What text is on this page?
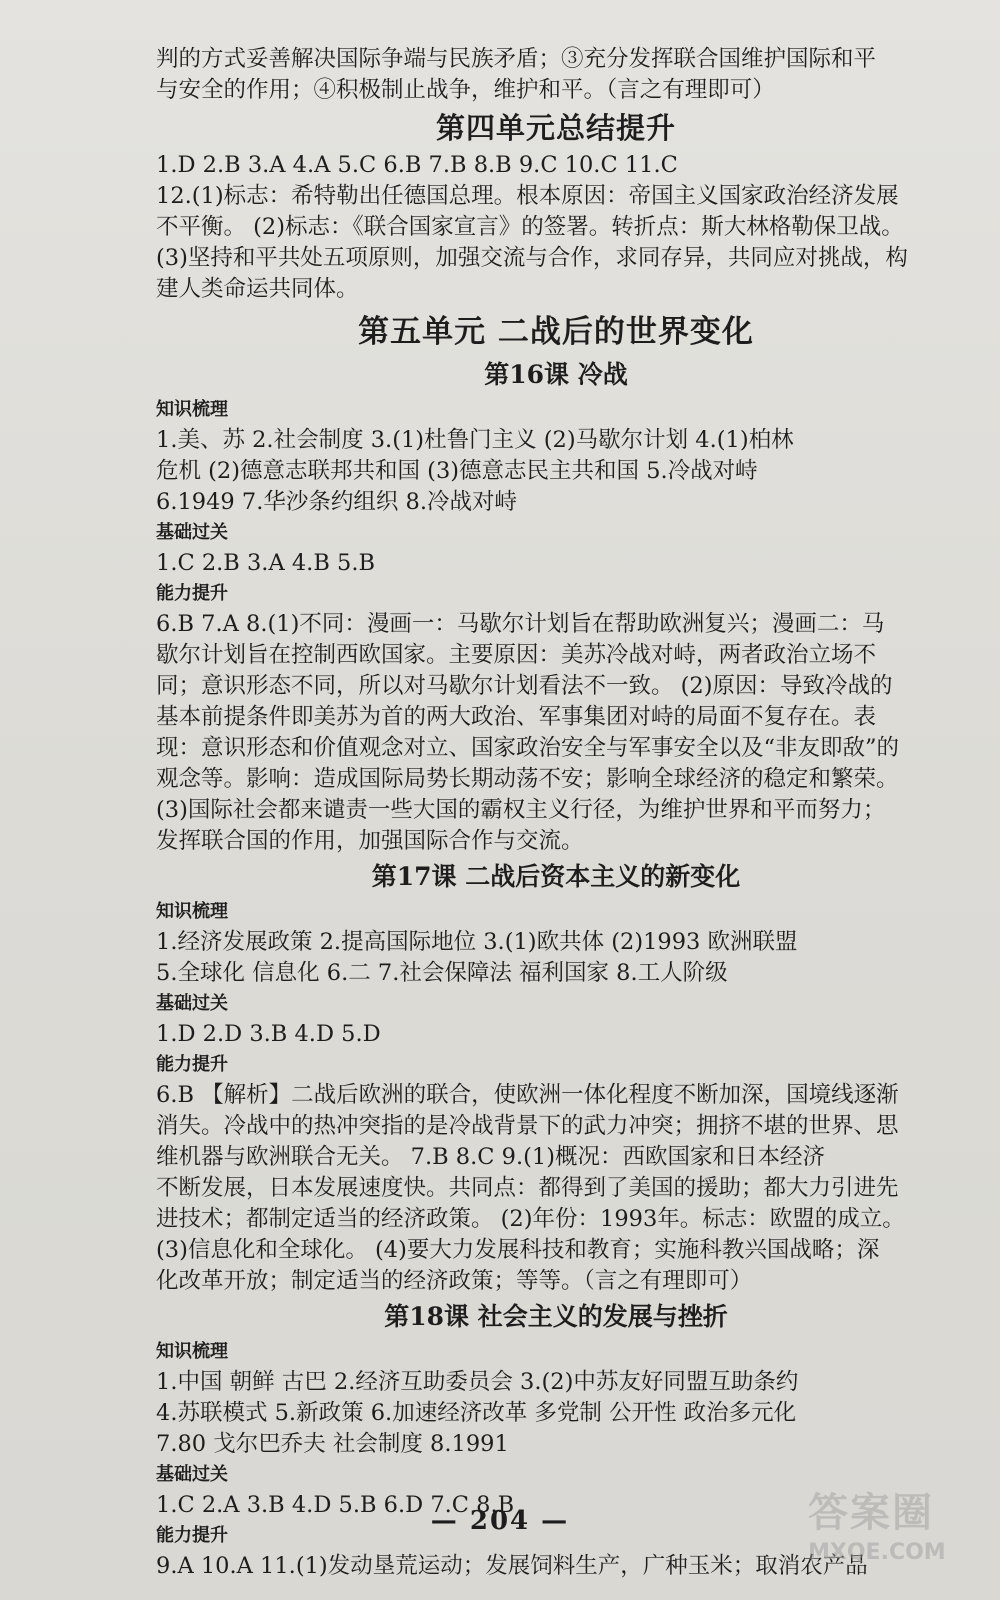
判的方式妥善解决国际争端与民族矛盾；③充分发挥联合国维护国际和平
与安全的作用；④积极制止战争，维护和平。（言之有理即可）
第四单元总结提升
1.D 2.B 3.A 4.A 5.C 6.B 7.B 8.B 9.C 10.C 11.C
12.(1)标志：希特勒出任德国总理。根本原因：帝国主义国家政治经济发展
不平衡。 (2)标志：《联合国家宣言》的签署。转折点：斯大林格勒保卫战。
(3)坚持和平共处五项原则，加强交流与合作，求同存异，共同应对挑战，构
建人类命运共同体。
第五单元 二战后的世界变化
第16课 冷战
知识梳理
1.美、苏 2.社会制度 3.(1)杜鲁门主义 (2)马歇尔计划 4.(1)柏林
危机 (2)德意志联邦共和国 (3)德意志民主共和国 5.冷战对峙
6.1949 7.华沙条约组织 8.冷战对峙
基础过关
1.C 2.B 3.A 4.B 5.B
能力提升
6.B 7.A 8.(1)不同：漫画一：马歇尔计划旨在帮助欧洲复兴；漫画二：马
歇尔计划旨在控制西欧国家。主要原因：美苏冷战对峙，两者政治立场不
同；意识形态不同，所以对马歇尔计划看法不一致。 (2)原因：导致冷战的
基本前提条件即美苏为首的两大政治、军事集团对峙的局面不复存在。表
现：意识形态和价值观念对立、国家政治安全与军事安全以及“非友即敌”的
观念等。影响：造成国际局势长期动荡不安；影响全球经济的稳定和繁荣。
(3)国际社会都来谴责一些大国的霸权主义行径，为维护世界和平而努力；
发挥联合国的作用，加强国际合作与交流。
第17课 二战后资本主义的新变化
知识梳理
1.经济发展政策 2.提高国际地位 3.(1)欧共体 (2)1993 欧洲联盟
5.全球化 信息化 6.二 7.社会保障法 福利国家 8.工人阶级
基础过关
1.D 2.D 3.B 4.D 5.D
能力提升
6.B 【解析】二战后欧洲的联合，使欧洲一体化程度不断加深，国境线逐渐
消失。冷战中的热冲突指的是冷战背景下的武力冲突；拥挤不堪的世界、思
维机器与欧洲联合无关。 7.B 8.C 9.(1)概况：西欧国家和日本经济
不断发展，日本发展速度快。共同点：都得到了美国的援助；都大力引进先
进技术；都制定适当的经济政策。 (2)年份：1993年。标志：欧盟的成立。
(3)信息化和全球化。 (4)要大力发展科技和教育；实施科教兴国战略；深
化改革开放；制定适当的经济政策；等等。（言之有理即可）
第18课 社会主义的发展与挫折
知识梳理
1.中国 朝鲜 古巴 2.经济互助委员会 3.(2)中苏友好同盟互助条约
4.苏联模式 5.新政策 6.加速经济改革 多党制 公开性 政治多元化
7.80 戈尔巴乔夫 社会制度 8.1991
基础过关
1.C 2.A 3.B 4.D 5.B 6.D 7.C 8.B
能力提升
9.A 10.A 11.(1)发动垦荒运动；发展饲料生产，广种玉米；取消农产品
— 204 —	答案圈
MXQE.COM
